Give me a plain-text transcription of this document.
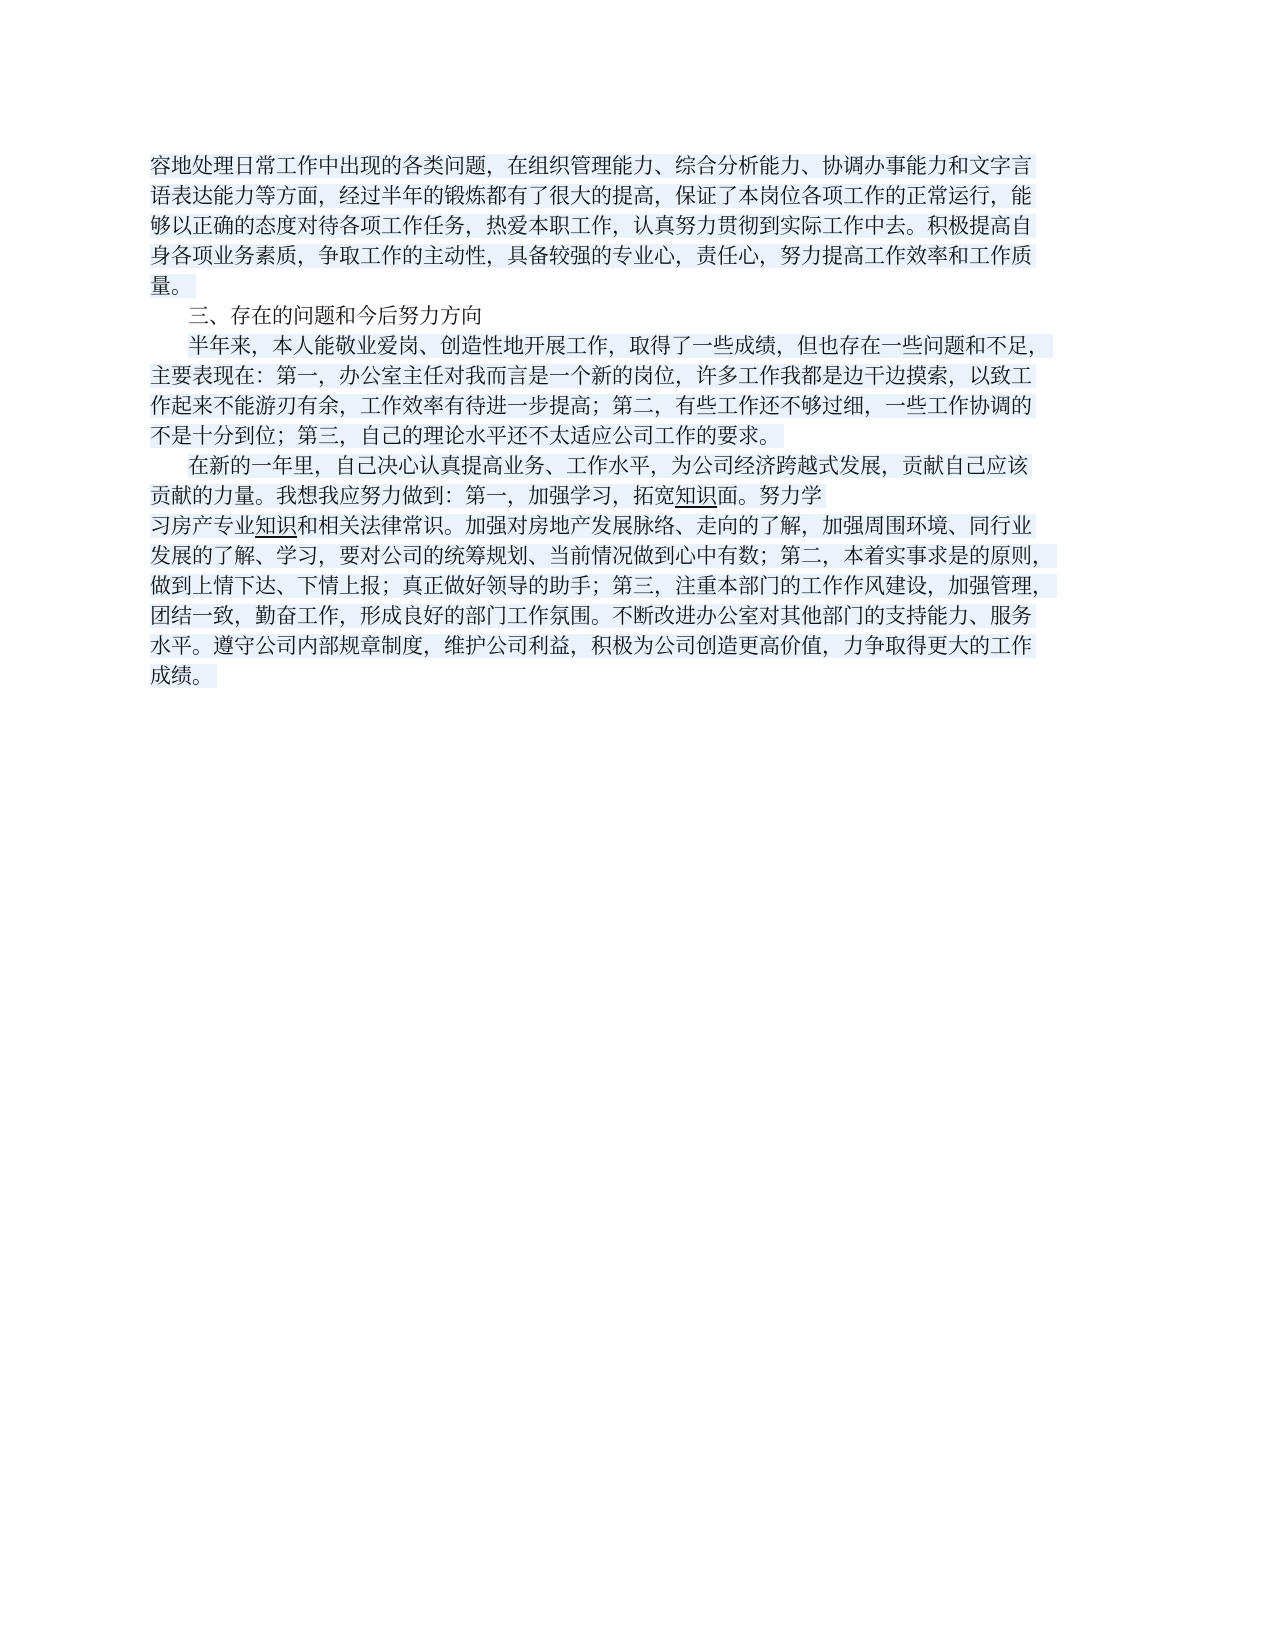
容地处理日常工作中出现的各类问题，在组织管理能力、综合分析能力、协调办事能力和文字言
语表达能力等方面，经过半年的锻炼都有了很大的提高，保证了本岗位各项工作的正常运行，能
够以正确的态度对待各项工作任务，热爱本职工作，认真努力贯彻到实际工作中去。积极提高自
身各项业务素质，争取工作的主动性，具备较强的专业心，责任心，努力提高工作效率和工作质
量。
三、存在的问题和今后努力方向
半年来，本人能敬业爱岗、创造性地开展工作，取得了一些成绩，但也存在一些问题和不足，
主要表现在：第一，办公室主任对我而言是一个新的岗位，许多工作我都是边干边摸索，以致工
作起来不能游刃有余，工作效率有待进一步提高；第二，有些工作还不够过细，一些工作协调的
不是十分到位；第三，自己的理论水平还不太适应公司工作的要求。
在新的一年里，自己决心认真提高业务、工作水平，为公司经济跨越式发展，贡献自己应该
贡献的力量。我想我应努力做到：第一，加强学习，拓宽知识面。努力学
习房产专业知识和相关法律常识。加强对房地产发展脉络、走向的了解，加强周围环境、同行业
发展的了解、学习，要对公司的统筹规划、当前情况做到心中有数；第二，本着实事求是的原则，
做到上情下达、下情上报；真正做好领导的助手；第三，注重本部门的工作作风建设，加强管理，
团结一致，勤奋工作，形成良好的部门工作氛围。不断改进办公室对其他部门的支持能力、服务
水平。遵守公司内部规章制度，维护公司利益，积极为公司创造更高价值，力争取得更大的工作
成绩。
